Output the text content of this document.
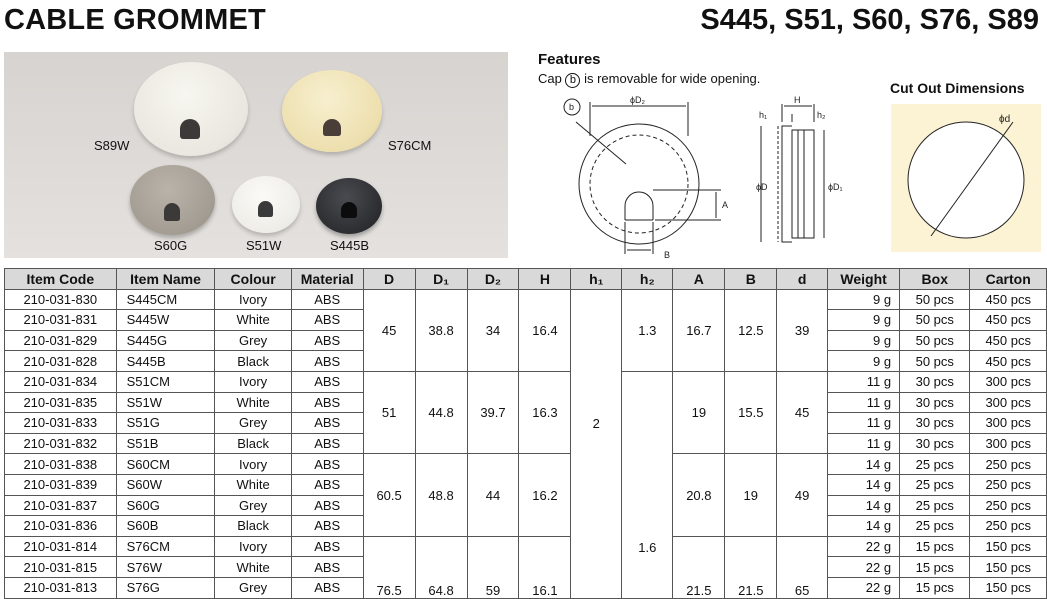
CABLE GROMMET	S445, S51, S60, S76, S89
S89W	S76CM
S60G	S51W	S445B
Features
Cap b is removable for wide opening.
b
ϕD₂
A
B
h₁
H
h₂
ϕD	ϕD₁
Cut Out Dimensions
ϕd
Item Code	Item Name	Colour	Material	D	D₁	D₂	H	h₁	h₂	A	B	d	Weight	Box	Carton
210-031-830	S445CM	Ivory	ABS	45	38.8	34	16.4	2	1.3	16.7	12.5	39	9 g	50 pcs	450 pcs
210-031-831	S445W	White	ABS										9 g	50 pcs	450 pcs
210-031-829	S445G	Grey	ABS										9 g	50 pcs	450 pcs
210-031-828	S445B	Black	ABS										9 g	50 pcs	450 pcs
210-031-834	S51CM	Ivory	ABS	51	44.8	39.7	16.3		1.6	19	15.5	45	11 g	30 pcs	300 pcs
210-031-835	S51W	White	ABS										11 g	30 pcs	300 pcs
210-031-833	S51G	Grey	ABS										11 g	30 pcs	300 pcs
210-031-832	S51B	Black	ABS										11 g	30 pcs	300 pcs
210-031-838	S60CM	Ivory	ABS	60.5	48.8	44	16.2			20.8	19	49	14 g	25 pcs	250 pcs
210-031-839	S60W	White	ABS										14 g	25 pcs	250 pcs
210-031-837	S60G	Grey	ABS										14 g	25 pcs	250 pcs
210-031-836	S60B	Black	ABS										14 g	25 pcs	250 pcs
210-031-814	S76CM	Ivory	ABS	76.5	64.8	59	16.1			21.5	21.5	65	22 g	15 pcs	150 pcs
210-031-815	S76W	White	ABS										22 g	15 pcs	150 pcs
210-031-813	S76G	Grey	ABS										22 g	15 pcs	150 pcs
